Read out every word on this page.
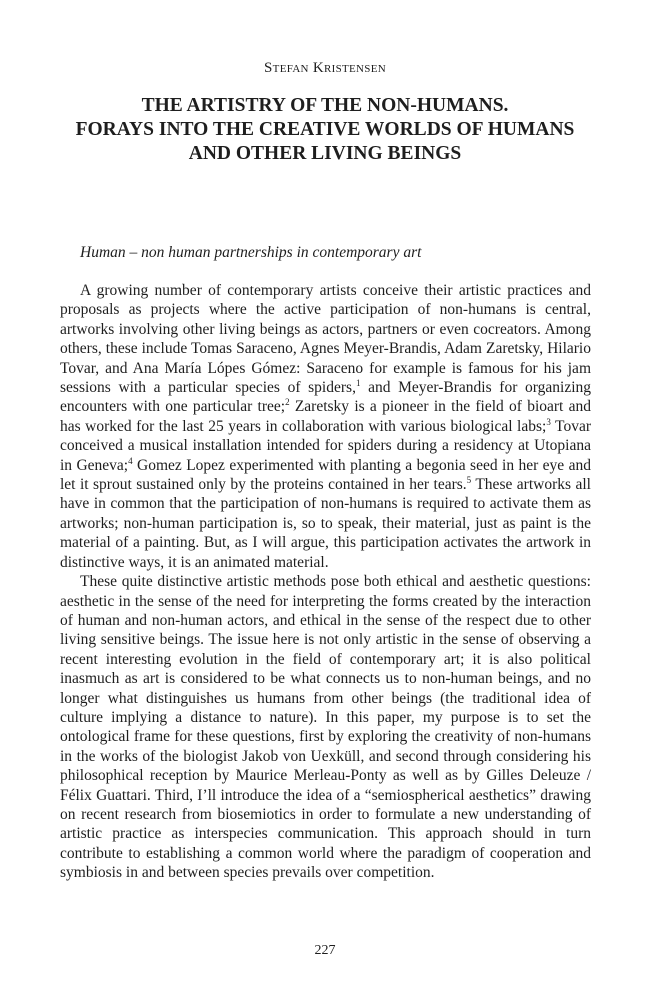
Stefan Kristensen
THE ARTISTRY OF THE NON-HUMANS.
FORAYS INTO THE CREATIVE WORLDS OF HUMANS
AND OTHER LIVING BEINGS
Human – non human partnerships in contemporary art

A growing number of contemporary artists conceive their artistic practices and proposals as projects where the active participation of non-humans is central, artworks involving other living beings as actors, partners or even cocreators. Among others, these include Tomas Saraceno, Agnes Meyer-Brandis, Adam Zaretsky, Hilario Tovar, and Ana María Lópes Gómez: Saraceno for example is famous for his jam sessions with a particular species of spiders,$^1$ and Meyer-Brandis for organizing encounters with one particular tree;$^2$ Zaretsky is a pioneer in the field of bioart and has worked for the last 25 years in collaboration with various biological labs;$^3$ Tovar conceived a musical installation intended for spiders during a residency at Utopiana in Geneva;$^4$ Gomez Lopez experimented with planting a begonia seed in her eye and let it sprout sustained only by the proteins contained in her tears.$^5$ These artworks all have in common that the participation of non-humans is required to activate them as artworks; non-human participation is, so to speak, their material, just as paint is the material of a painting. But, as I will argue, this participation activates the artwork in distinctive ways, it is an animated material.

These quite distinctive artistic methods pose both ethical and aesthetic questions: aesthetic in the sense of the need for interpreting the forms created by the interaction of human and non-human actors, and ethical in the sense of the respect due to other living sensitive beings. The issue here is not only artistic in the sense of observing a recent interesting evolution in the field of contemporary art; it is also political inasmuch as art is considered to be what connects us to non-human beings, and no longer what distinguishes us humans from other beings (the traditional idea of culture implying a distance to nature). In this paper, my purpose is to set the ontological frame for these questions, first by exploring the creativity of non-humans in the works of the biologist Jakob von Uexküll, and second through considering his philosophical reception by Maurice Merleau-Ponty as well as by Gilles Deleuze / Félix Guattari. Third, I’ll introduce the idea of a “semiospherical aesthetics” drawing on recent research from biosemiotics in order to formulate a new understanding of artistic practice as interspecies communication. This approach should in turn contribute to establishing a common world where the paradigm of cooperation and symbiosis in and between species prevails over competition.

227
